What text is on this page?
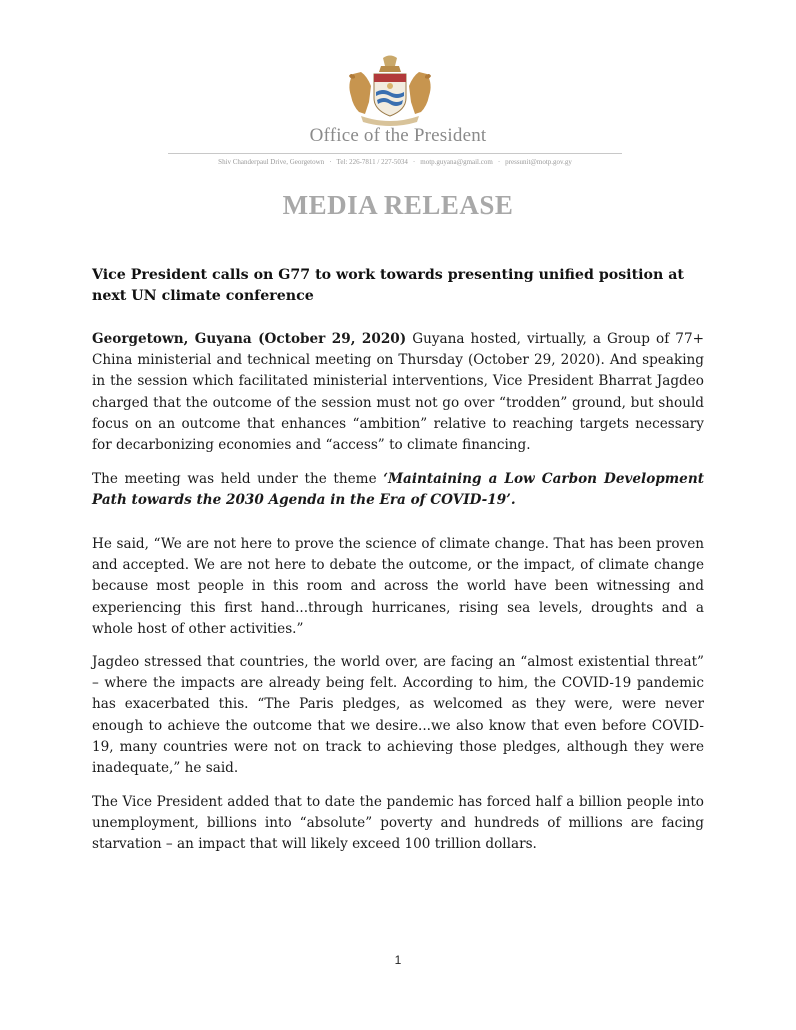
Office of the President
Shiv Chanderpaul Drive, Georgetown · Tel: 226-7811 / 227-5034 · motp.guyana@gmail.com · pressunit@motp.gov.gy
MEDIA RELEASE
Vice President calls on G77 to work towards presenting unified position at next UN climate conference
Georgetown, Guyana (October 29, 2020) Guyana hosted, virtually, a Group of 77+ China ministerial and technical meeting on Thursday (October 29, 2020). And speaking in the session which facilitated ministerial interventions, Vice President Bharrat Jagdeo charged that the outcome of the session must not go over “trodden” ground, but should focus on an outcome that enhances “ambition” relative to reaching targets necessary for decarbonizing economies and “access” to climate financing.
The meeting was held under the theme ‘Maintaining a Low Carbon Development Path towards the 2030 Agenda in the Era of COVID-19’.
He said, “We are not here to prove the science of climate change. That has been proven and accepted. We are not here to debate the outcome, or the impact, of climate change because most people in this room and across the world have been witnessing and experiencing this first hand...through hurricanes, rising sea levels, droughts and a whole host of other activities.”
Jagdeo stressed that countries, the world over, are facing an “almost existential threat” – where the impacts are already being felt. According to him, the COVID-19 pandemic has exacerbated this. “The Paris pledges, as welcomed as they were, were never enough to achieve the outcome that we desire...we also know that even before COVID-19, many countries were not on track to achieving those pledges, although they were inadequate,” he said.
The Vice President added that to date the pandemic has forced half a billion people into unemployment, billions into “absolute” poverty and hundreds of millions are facing starvation – an impact that will likely exceed 100 trillion dollars.
1
